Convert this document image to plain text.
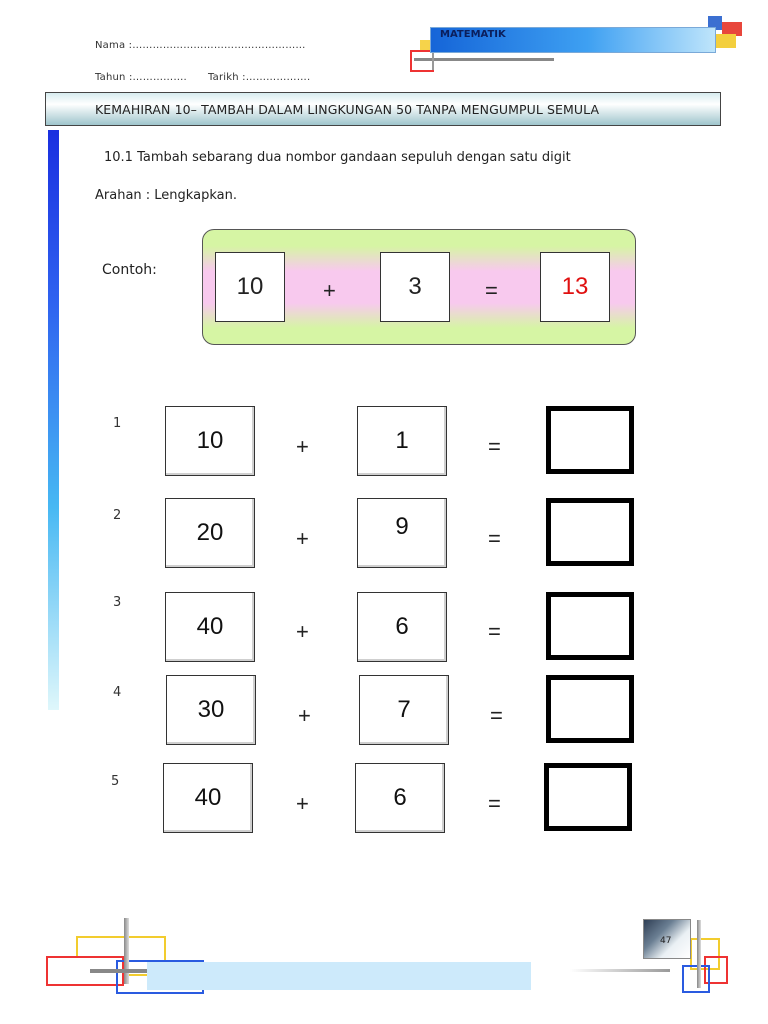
Nama :……………………………………………
Tahun :……………. Tarikh :……………….
MATEMATIK
KEMAHIRAN 10– TAMBAH DALAM LINGKUNGAN 50 TANPA MENGUMPUL SEMULA
10.1 Tambah sebarang dua nombor gandaan sepuluh dengan satu digit
Arahan : Lengkapkan.
Contoh:
10	+	3	=	13
1
10	+	1	=
2
20	+	9	=
3
40	+	6	=
4
30	+	7	=
5
40	+	6	=
47
